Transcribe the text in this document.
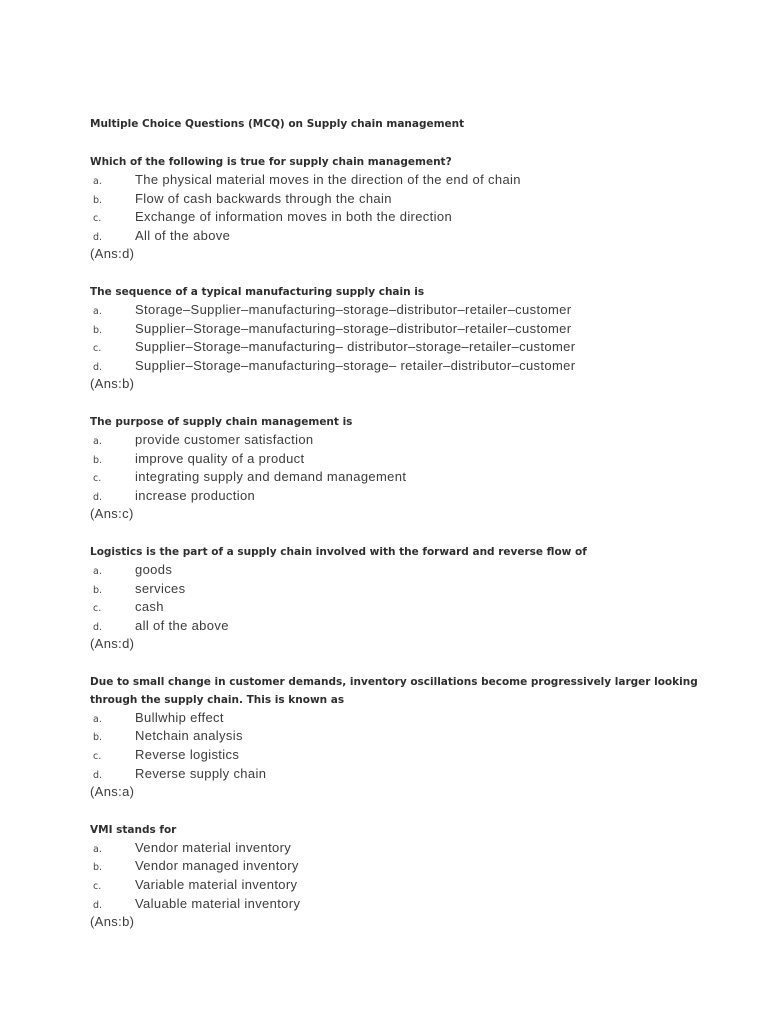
Multiple Choice Questions (MCQ) on Supply chain management

Which of the following is true for supply chain management?

a.	The physical material moves in the direction of the end of chain
b.	Flow of cash backwards through the chain
c.	Exchange of information moves in both the direction
d.	All of the above

(Ans:d)

The sequence of a typical manufacturing supply chain is

a.	Storage–Supplier–manufacturing–storage–distributor–retailer–customer
b.	Supplier–Storage–manufacturing–storage–distributor–retailer–customer
c.	Supplier–Storage–manufacturing– distributor–storage–retailer–customer
d.	Supplier–Storage–manufacturing–storage– retailer–distributor–customer

(Ans:b)

The purpose of supply chain management is

a.	provide customer satisfaction
b.	improve quality of a product
c.	integrating supply and demand management
d.	increase production

(Ans:c)

Logistics is the part of a supply chain involved with the forward and reverse flow of

a.	goods
b.	services
c.	cash
d.	all of the above

(Ans:d)

Due to small change in customer demands, inventory oscillations become progressively larger looking through the supply chain. This is known as

a.	Bullwhip effect
b.	Netchain analysis
c.	Reverse logistics
d.	Reverse supply chain

(Ans:a)

VMI stands for

a.	Vendor material inventory
b.	Vendor managed inventory
c.	Variable material inventory
d.	Valuable material inventory

(Ans:b)
